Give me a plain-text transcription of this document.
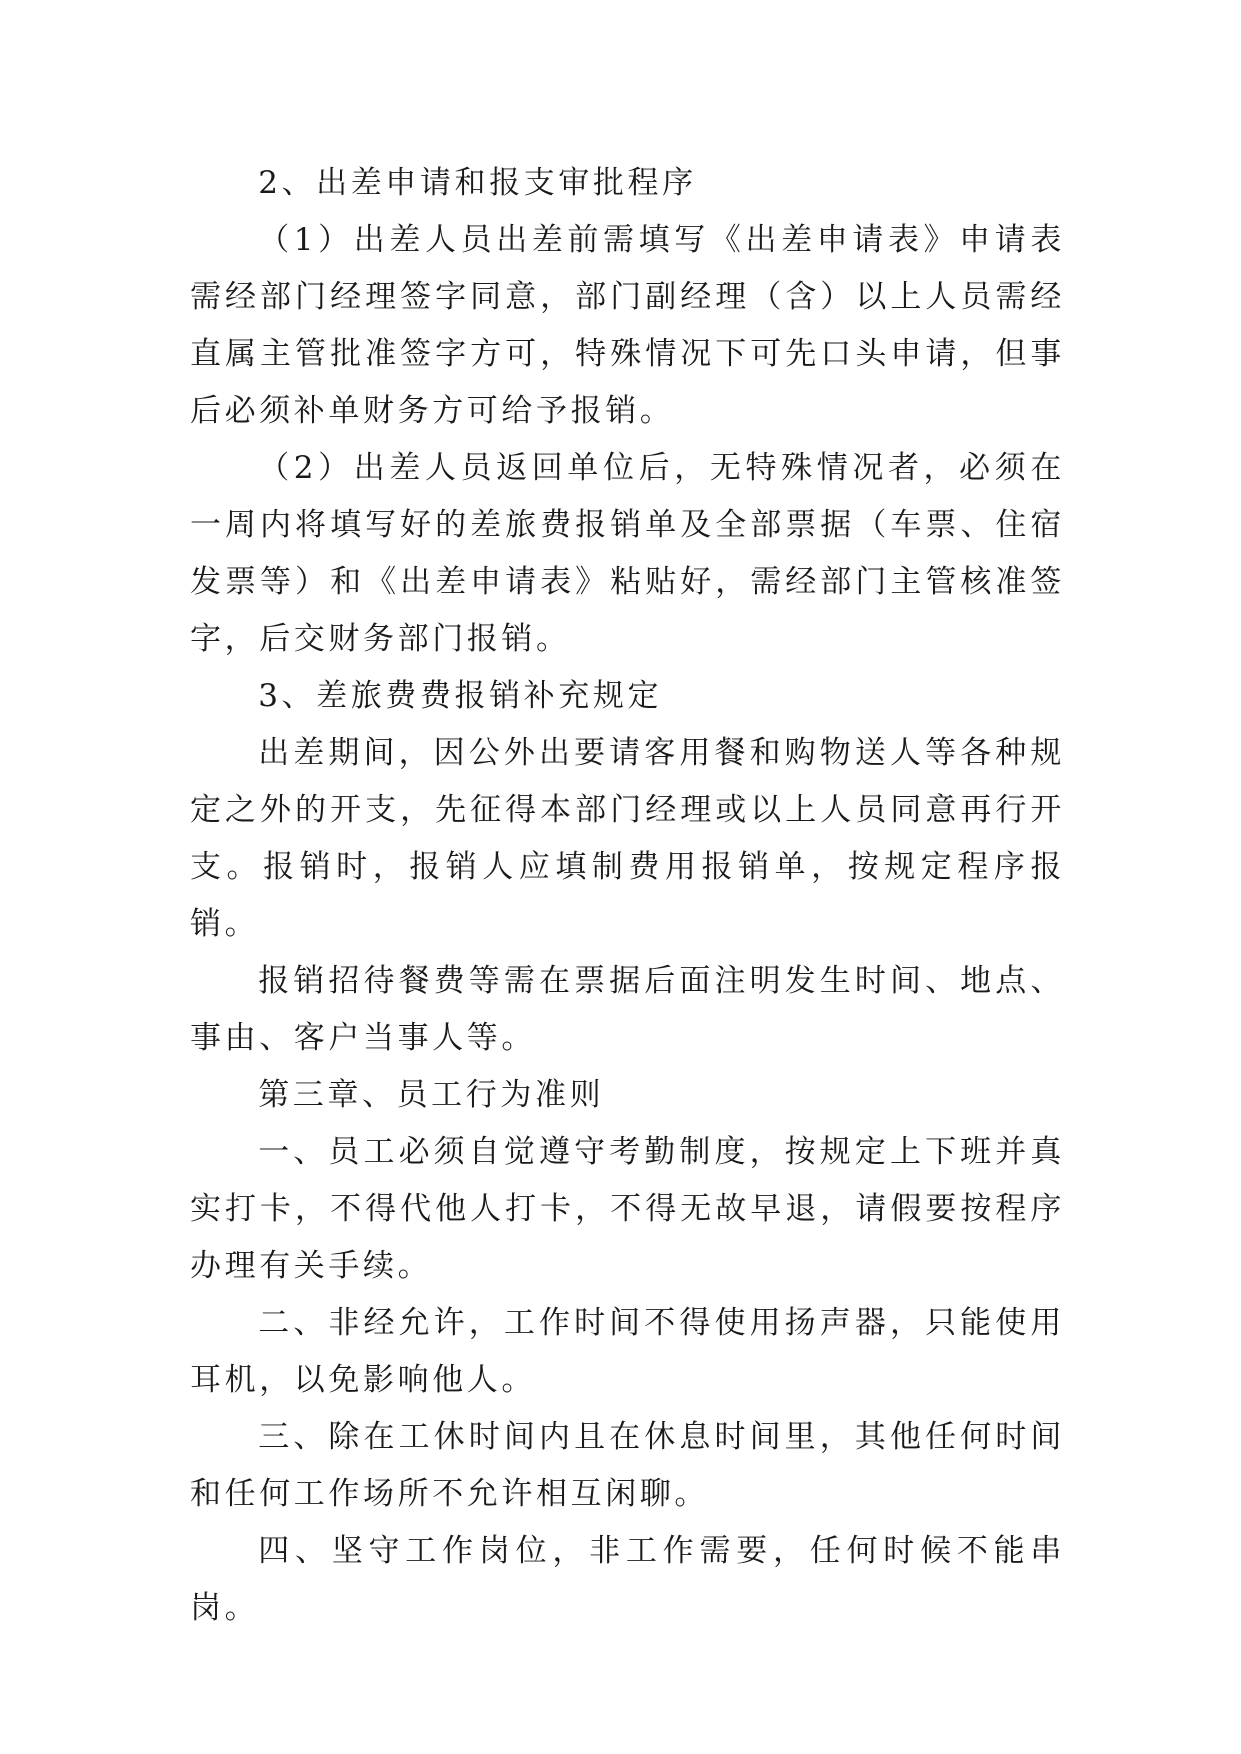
2、出差申请和报支审批程序

（1）出差人员出差前需填写《出差申请表》申请表需经部门经理签字同意，部门副经理（含）以上人员需经直属主管批准签字方可，特殊情况下可先口头申请，但事后必须补单财务方可给予报销。

（2）出差人员返回单位后，无特殊情况者，必须在一周内将填写好的差旅费报销单及全部票据（车票、住宿发票等）和《出差申请表》粘贴好，需经部门主管核准签字，后交财务部门报销。

3、差旅费费报销补充规定

出差期间，因公外出要请客用餐和购物送人等各种规定之外的开支，先征得本部门经理或以上人员同意再行开支。报销时，报销人应填制费用报销单，按规定程序报销。

报销招待餐费等需在票据后面注明发生时间、地点、事由、客户当事人等。

第三章、员工行为准则

一、员工必须自觉遵守考勤制度，按规定上下班并真实打卡，不得代他人打卡，不得无故早退，请假要按程序办理有关手续。

二、非经允许，工作时间不得使用扬声器，只能使用耳机，以免影响他人。

三、除在工休时间内且在休息时间里，其他任何时间和任何工作场所不允许相互闲聊。

四、坚守工作岗位，非工作需要，任何时候不能串岗。
